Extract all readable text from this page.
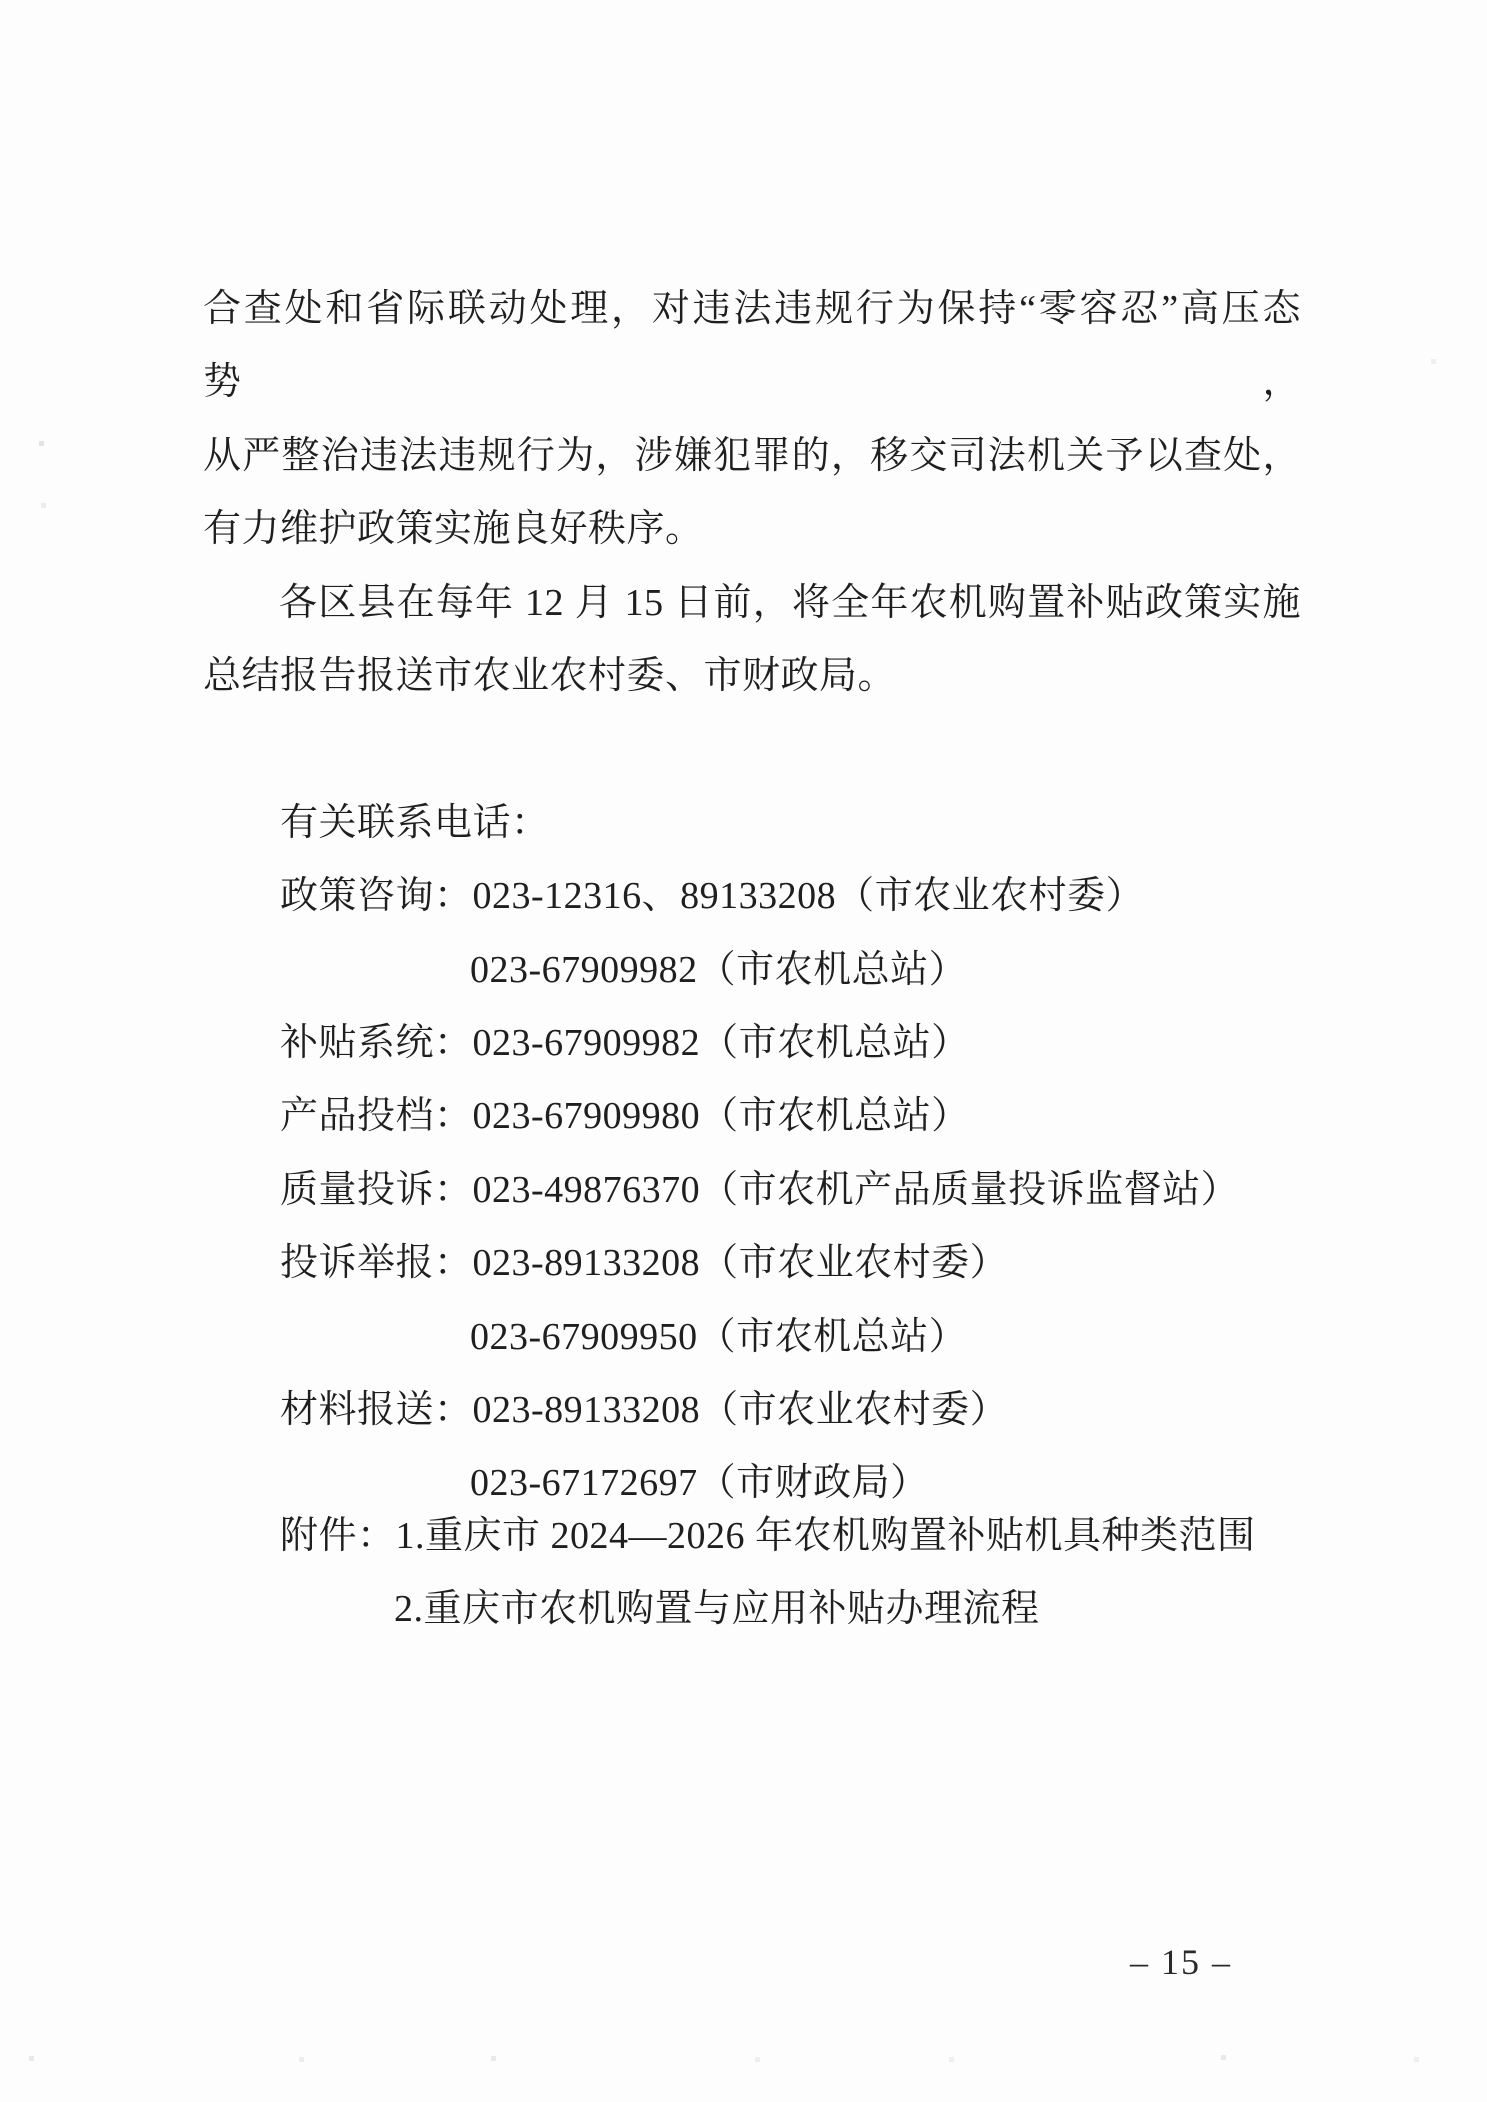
合查处和省际联动处理，对违法违规行为保持“零容忍”高压态势，
从严整治违法违规行为，涉嫌犯罪的，移交司法机关予以查处，
有力维护政策实施良好秩序。
各区县在每年 12 月 15 日前，将全年农机购置补贴政策实施
总结报告报送市农业农村委、市财政局。
有关联系电话：
政策咨询：023-12316、89133208（市农业农村委）
023-67909982（市农机总站）
补贴系统：023-67909982（市农机总站）
产品投档：023-67909980（市农机总站）
质量投诉：023-49876370（市农机产品质量投诉监督站）
投诉举报：023-89133208（市农业农村委）
023-67909950（市农机总站）
材料报送：023-89133208（市农业农村委）
023-67172697（市财政局）
附件：1.重庆市 2024—2026 年农机购置补贴机具种类范围
2.重庆市农机购置与应用补贴办理流程
– 15 –
